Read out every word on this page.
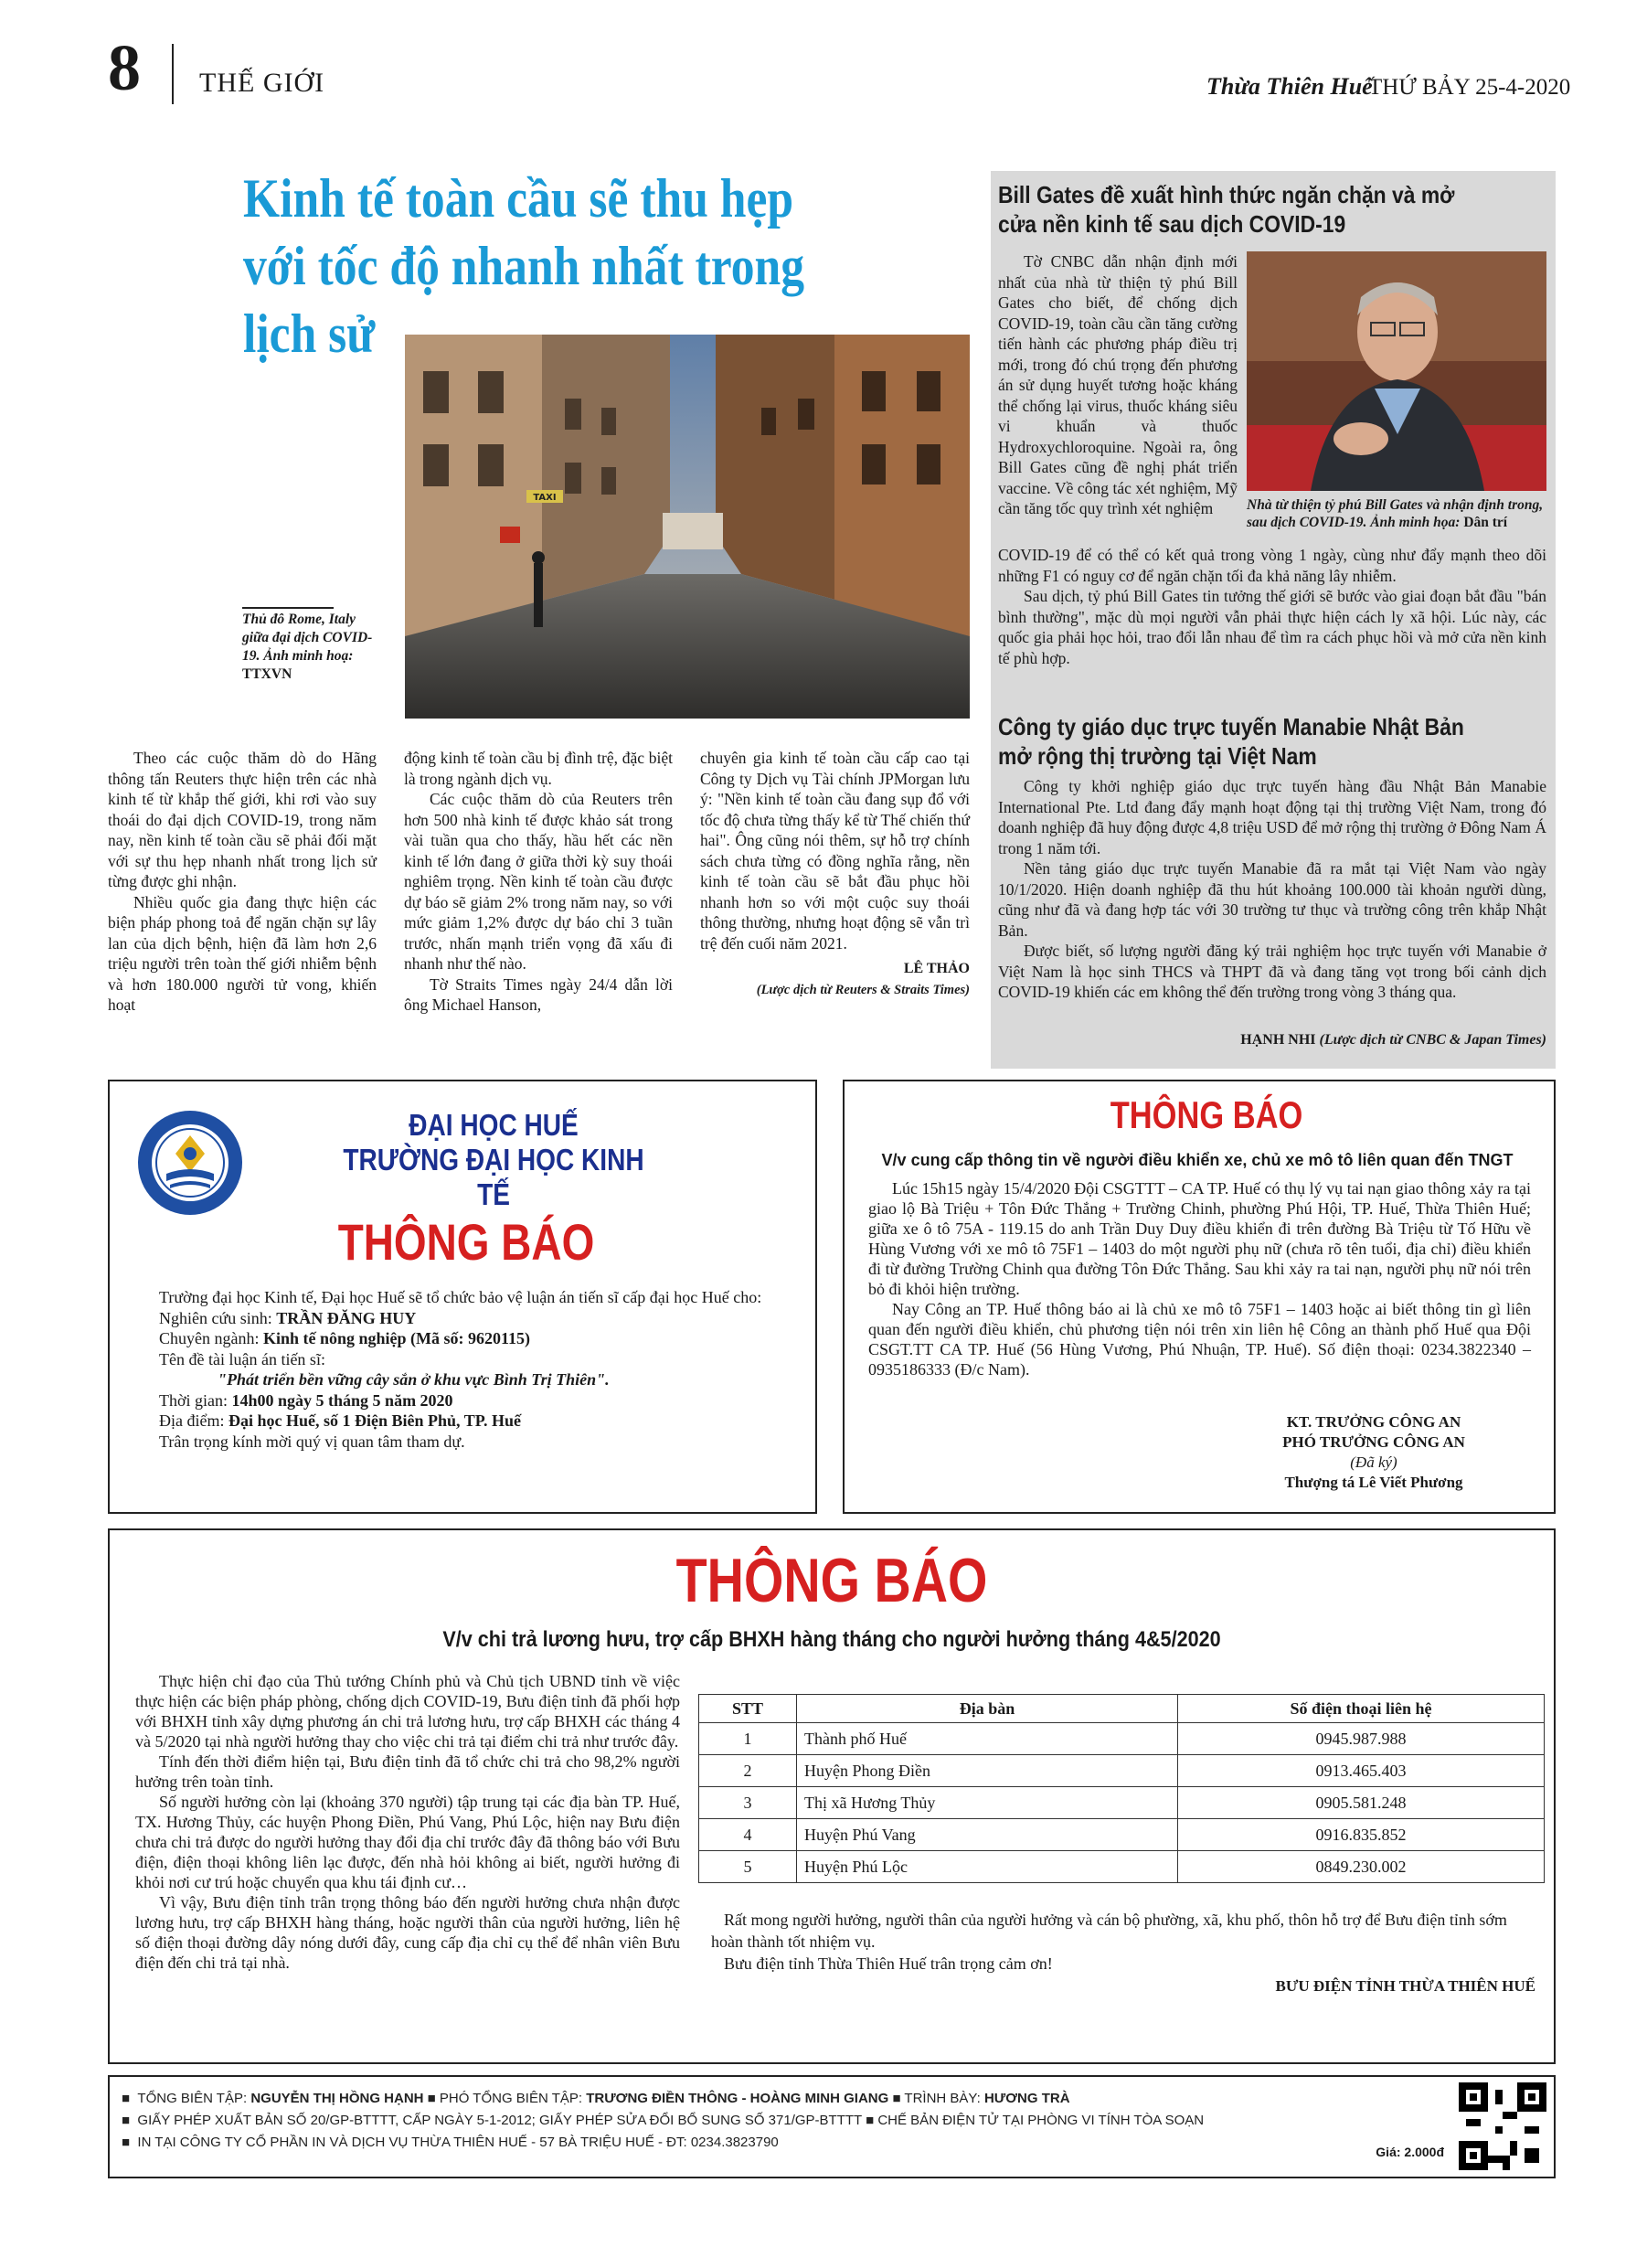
8 THẾ GIỚI	Thừa Thiên Huế
THỨ BẢY 25-4-2020
Kinh tế toàn cầu sẽ thu hẹp
với tốc độ nhanh nhất trong lịch sử
TAXI
Thủ đô Rome, Italy giữa đại dịch COVID-19. Ảnh minh hoạ:
TTXVN

Theo các cuộc thăm dò do Hãng thông tấn Reuters thực hiện trên các nhà kinh tế từ khắp thế giới, khi rơi vào suy thoái do đại dịch COVID-19, trong năm nay, nền kinh tế toàn cầu sẽ phải đối mặt với sự thu hẹp nhanh nhất trong lịch sử từng được ghi nhận.

Nhiều quốc gia đang thực hiện các biện pháp phong toả để ngăn chặn sự lây lan của dịch bệnh, hiện đã làm hơn 2,6 triệu người trên toàn thế giới nhiễm bệnh và hơn 180.000 người tử vong, khiến hoạt

động kinh tế toàn cầu bị đình trệ, đặc biệt là trong ngành dịch vụ.

Các cuộc thăm dò của Reuters trên hơn 500 nhà kinh tế được khảo sát trong vài tuần qua cho thấy, hầu hết các nền kinh tế lớn đang ở giữa thời kỳ suy thoái nghiêm trọng. Nền kinh tế toàn cầu được dự báo sẽ giảm 2% trong năm nay, so với mức giảm 1,2% được dự báo chỉ 3 tuần trước, nhấn mạnh triển vọng đã xấu đi nhanh như thế nào.

Tờ Straits Times ngày 24/4 dẫn lời ông Michael Hanson,

chuyên gia kinh tế toàn cầu cấp cao tại Công ty Dịch vụ Tài chính JPMorgan lưu ý: "Nền kinh tế toàn cầu đang sụp đổ với tốc độ chưa từng thấy kể từ Thế chiến thứ hai". Ông cũng nói thêm, sự hỗ trợ chính sách chưa từng có đồng nghĩa rằng, nền kinh tế toàn cầu sẽ bắt đầu phục hồi nhanh hơn so với một cuộc suy thoái thông thường, nhưng hoạt động sẽ vẫn trì trệ đến cuối năm 2021.

LÊ THẢO
(Lược dịch từ Reuters & Straits Times)
Bill Gates đề xuất hình thức ngăn chặn và mở
cửa nền kinh tế sau dịch COVID-19
Nhà từ thiện tỷ phú Bill Gates và nhận định trong, sau dịch COVID-19. Ảnh minh họa: Dân trí

Tờ CNBC dẫn nhận định mới nhất của nhà từ thiện tỷ phú Bill Gates cho biết, để chống dịch COVID-19, toàn cầu cần tăng cường tiến hành các phương pháp điều trị mới, trong đó chú trọng đến phương án sử dụng huyết tương hoặc kháng thể chống lại virus, thuốc kháng siêu vi khuẩn và thuốc Hydroxychloroquine. Ngoài ra, ông Bill Gates cũng đề nghị phát triển vaccine. Về công tác xét nghiệm, Mỹ cần tăng tốc quy trình xét nghiệm

COVID-19 để có thể có kết quả trong vòng 1 ngày, cùng như đẩy mạnh theo dõi những F1 có nguy cơ để ngăn chặn tối đa khả năng lây nhiễm.

Sau dịch, tỷ phú Bill Gates tin tưởng thế giới sẽ bước vào giai đoạn bắt đầu "bán bình thường", mặc dù mọi người vẫn phải thực hiện cách ly xã hội. Lúc này, các quốc gia phải học hỏi, trao đổi lẫn nhau để tìm ra cách phục hồi và mở cửa nền kinh tế phù hợp.

Công ty giáo dục trực tuyến Manabie Nhật Bản
mở rộng thị trường tại Việt Nam

Công ty khởi nghiệp giáo dục trực tuyến hàng đầu Nhật Bản Manabie International Pte. Ltd đang đẩy mạnh hoạt động tại thị trường Việt Nam, trong đó doanh nghiệp đã huy động được 4,8 triệu USD để mở rộng thị trường ở Đông Nam Á trong 1 năm tới.

Nền tảng giáo dục trực tuyến Manabie đã ra mắt tại Việt Nam vào ngày 10/1/2020. Hiện doanh nghiệp đã thu hút khoảng 100.000 tài khoản người dùng, cũng như đã và đang hợp tác với 30 trường tư thục và trường công trên khắp Nhật Bản.

Được biết, số lượng người đăng ký trải nghiệm học trực tuyến với Manabie ở Việt Nam là học sinh THCS và THPT đã và đang tăng vọt trong bối cảnh dịch COVID-19 khiến các em không thể đến trường trong vòng 3 tháng qua.

HẠNH NHI (Lược dịch từ CNBC & Japan Times)
ĐẠI HỌC HUẾ
TRƯỜNG ĐẠI HỌC KINH TẾ
THÔNG BÁO

Trường đại học Kinh tế, Đại học Huế sẽ tổ chức bảo vệ luận án tiến sĩ cấp đại học Huế cho:

Nghiên cứu sinh: TRẦN ĐĂNG HUY

Chuyên ngành: Kinh tế nông nghiệp (Mã số: 9620115)

Tên đề tài luận án tiến sĩ:

"Phát triển bền vững cây sắn ở khu vực Bình Trị Thiên".

Thời gian: 14h00 ngày 5 tháng 5 năm 2020

Địa điểm: Đại học Huế, số 1 Điện Biên Phủ, TP. Huế

Trân trọng kính mời quý vị quan tâm tham dự.

THÔNG BÁO
V/v cung cấp thông tin về người điều khiển xe, chủ xe mô tô liên quan đến TNGT

Lúc 15h15 ngày 15/4/2020 Đội CSGTTT – CA TP. Huế có thụ lý vụ tai nạn giao thông xảy ra tại giao lộ Bà Triệu + Tôn Đức Thắng + Trường Chinh, phường Phú Hội, TP. Huế, Thừa Thiên Huế; giữa xe ô tô 75A - 119.15 do anh Trần Duy Duy điều khiển đi trên đường Bà Triệu từ Tố Hữu về Hùng Vương với xe mô tô 75F1 – 1403 do một người phụ nữ (chưa rõ tên tuổi, địa chỉ) điều khiển đi từ đường Trường Chinh qua đường Tôn Đức Thắng. Sau khi xảy ra tai nạn, người phụ nữ nói trên bỏ đi khỏi hiện trường.

Nay Công an TP. Huế thông báo ai là chủ xe mô tô 75F1 – 1403 hoặc ai biết thông tin gì liên quan đến người điều khiển, chủ phương tiện nói trên xin liên hệ Công an thành phố Huế qua Đội CSGT.TT CA TP. Huế (56 Hùng Vương, Phú Nhuận, TP. Huế). Số điện thoại: 0234.3822340 – 0935186333 (Đ/c Nam).

KT. TRƯỞNG CÔNG AN
PHÓ TRƯỞNG CÔNG AN
(Đã ký)
Thượng tá Lê Viết Phương
THÔNG BÁO
V/v chi trả lương hưu, trợ cấp BHXH hàng tháng cho người hưởng tháng 4&5/2020

Thực hiện chỉ đạo của Thủ tướng Chính phủ và Chủ tịch UBND tỉnh về việc thực hiện các biện pháp phòng, chống dịch COVID-19, Bưu điện tỉnh đã phối hợp với BHXH tỉnh xây dựng phương án chi trả lương hưu, trợ cấp BHXH các tháng 4 và 5/2020 tại nhà người hưởng thay cho việc chi trả tại điểm chi trả như trước đây.

Tính đến thời điểm hiện tại, Bưu điện tỉnh đã tổ chức chi trả cho 98,2% người hưởng trên toàn tỉnh.

Số người hưởng còn lại (khoảng 370 người) tập trung tại các địa bàn TP. Huế, TX. Hương Thủy, các huyện Phong Điền, Phú Vang, Phú Lộc, hiện nay Bưu điện chưa chi trả được do người hưởng thay đổi địa chỉ trước đây đã thông báo với Bưu điện, điện thoại không liên lạc được, đến nhà hỏi không ai biết, người hưởng đi khỏi nơi cư trú hoặc chuyển qua khu tái định cư…

Vì vậy, Bưu điện tỉnh trân trọng thông báo đến người hưởng chưa nhận được lương hưu, trợ cấp BHXH hàng tháng, hoặc người thân của người hưởng, liên hệ số điện thoại đường dây nóng dưới đây, cung cấp địa chỉ cụ thể để nhân viên Bưu điện đến chi trả tại nhà.

STT	Địa bàn	Số điện thoại liên hệ
1	Thành phố Huế	0945.987.988
2	Huyện Phong Điền	0913.465.403
3	Thị xã Hương Thủy	0905.581.248
4	Huyện Phú Vang	0916.835.852
5	Huyện Phú Lộc	0849.230.002

Rất mong người hưởng, người thân của người hưởng và cán bộ phường, xã, khu phố, thôn hỗ trợ để Bưu điện tỉnh sớm hoàn thành tốt nhiệm vụ.

Bưu điện tỉnh Thừa Thiên Huế trân trọng cảm ơn!

BƯU ĐIỆN TỈNH THỪA THIÊN HUẾ
■  TỔNG BIÊN TẬP: NGUYỄN THỊ HỒNG HẠNH ■ PHÓ TỔNG BIÊN TẬP: TRƯƠNG ĐIỀN THÔNG - HOÀNG MINH GIANG ■ TRÌNH BÀY: HƯƠNG TRÀ
■  GIẤY PHÉP XUẤT BẢN SỐ 20/GP-BTTTT, CẤP NGÀY 5-1-2012; GIẤY PHÉP SỬA ĐỔI BỔ SUNG SỐ 371/GP-BTTTT ■ CHẾ BẢN ĐIỆN TỬ TẠI PHÒNG VI TÍNH TÒA SOẠN
■  IN TẠI CÔNG TY CỔ PHẦN IN VÀ DỊCH VỤ THỪA THIÊN HUẾ - 57 BÀ TRIỆU HUẾ - ĐT: 0234.3823790
Giá: 2.000đ
